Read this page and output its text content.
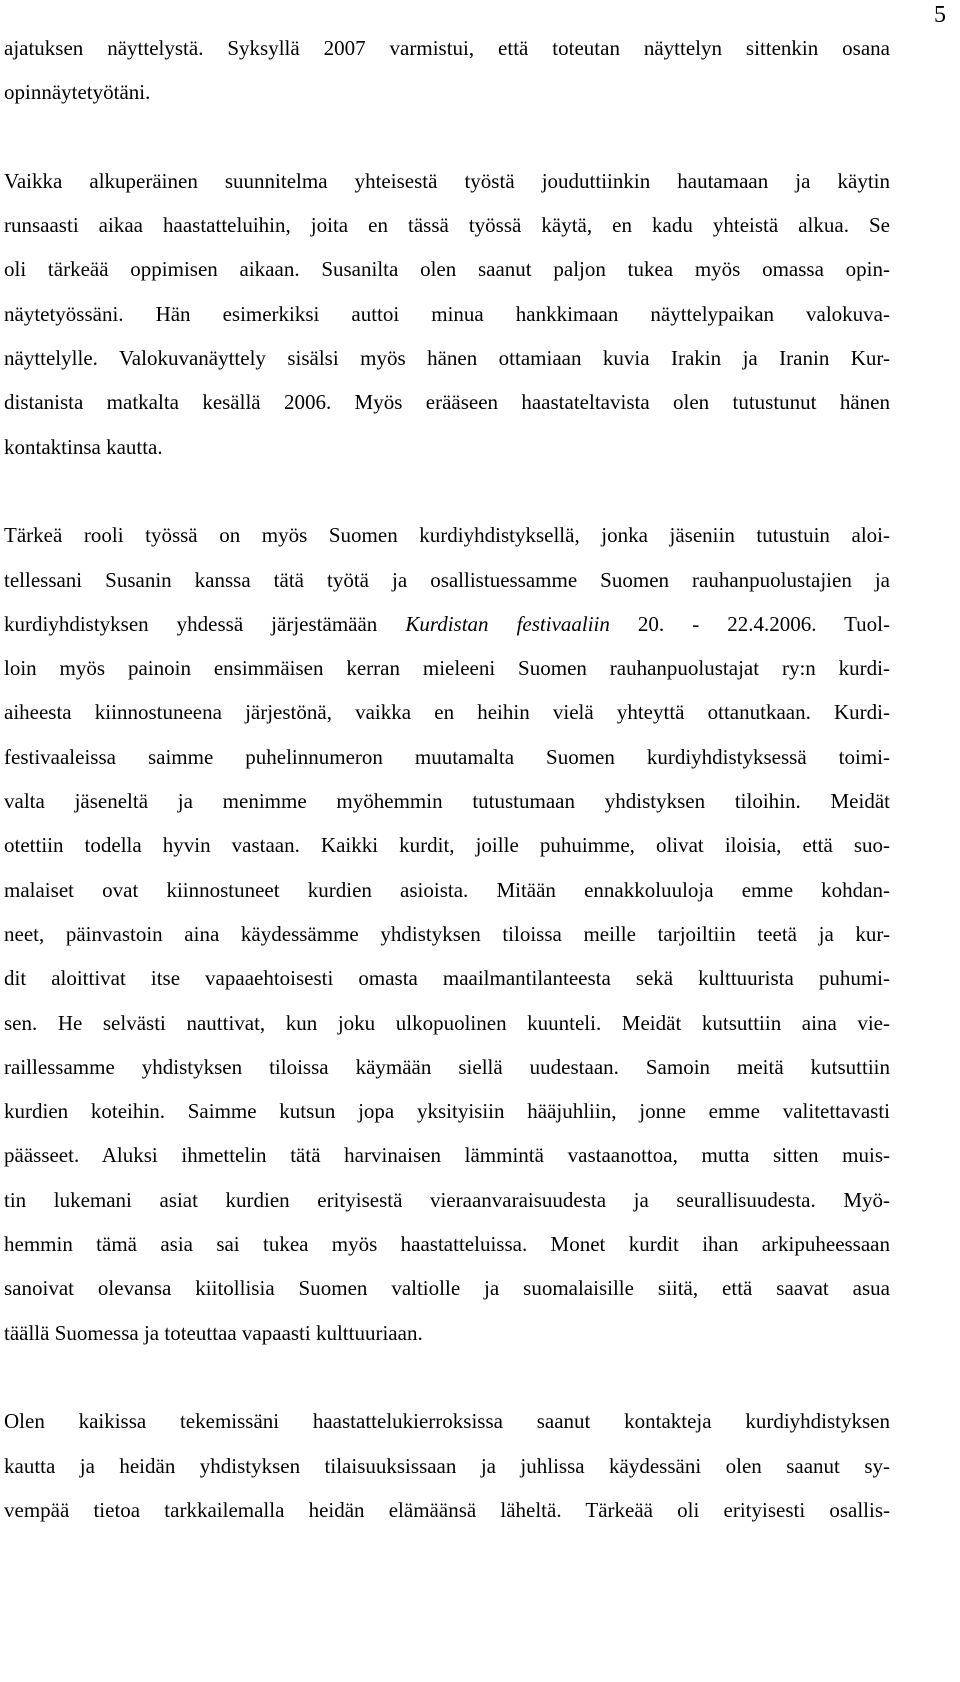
5
ajatuksen näyttelystä. Syksyllä 2007 varmistui, että toteutan näyttelyn sittenkin osana
opinnäytetyötäni.
Vaikka alkuperäinen suunnitelma yhteisestä työstä jouduttiinkin hautamaan ja käytin
runsaasti aikaa haastatteluihin, joita en tässä työssä käytä, en kadu yhteistä alkua. Se
oli tärkeää oppimisen aikaan. Susanilta olen saanut paljon tukea myös omassa opin-
näytetyössäni. Hän esimerkiksi auttoi minua hankkimaan näyttelypaikan valokuva-
näyttelylle. Valokuvanäyttely sisälsi myös hänen ottamiaan kuvia Irakin ja Iranin Kur-
distanista matkalta kesällä 2006. Myös erääseen haastateltavista olen tutustunut hänen
kontaktinsa kautta.
Tärkeä rooli työssä on myös Suomen kurdiyhdistyksellä, jonka jäseniin tutustuin aloi-
tellessani Susanin kanssa tätä työtä ja osallistuessamme Suomen rauhanpuolustajien ja
kurdiyhdistyksen yhdessä järjestämään Kurdistan festivaaliin 20. - 22.4.2006. Tuol-
loin myös painoin ensimmäisen kerran mieleeni Suomen rauhanpuolustajat ry:n kurdi-
aiheesta kiinnostuneena järjestönä, vaikka en heihin vielä yhteyttä ottanutkaan. Kurdi-
festivaaleissa saimme puhelinnumeron muutamalta Suomen kurdiyhdistyksessä toimi-
valta jäseneltä ja menimme myöhemmin tutustumaan yhdistyksen tiloihin. Meidät
otettiin todella hyvin vastaan. Kaikki kurdit, joille puhuimme, olivat iloisia, että suo-
malaiset ovat kiinnostuneet kurdien asioista. Mitään ennakkoluuloja emme kohdan-
neet, päinvastoin aina käydessämme yhdistyksen tiloissa meille tarjoiltiin teetä ja kur-
dit aloittivat itse vapaaehtoisesti omasta maailmantilanteesta sekä kulttuurista puhumi-
sen. He selvästi nauttivat, kun joku ulkopuolinen kuunteli. Meidät kutsuttiin aina vie-
raillessamme yhdistyksen tiloissa käymään siellä uudestaan. Samoin meitä kutsuttiin
kurdien koteihin. Saimme kutsun jopa yksityisiin hääjuhliin, jonne emme valitettavasti
päässeet. Aluksi ihmettelin tätä harvinaisen lämmintä vastaanottoa, mutta sitten muis-
tin lukemani asiat kurdien erityisestä vieraanvaraisuudesta ja seurallisuudesta. Myö-
hemmin tämä asia sai tukea myös haastatteluissa. Monet kurdit ihan arkipuheessaan
sanoivat olevansa kiitollisia Suomen valtiolle ja suomalaisille siitä, että saavat asua
täällä Suomessa ja toteuttaa vapaasti kulttuuriaan.
Olen kaikissa tekemissäni haastattelukierroksissa saanut kontakteja kurdiyhdistyksen
kautta ja heidän yhdistyksen tilaisuuksissaan ja juhlissa käydessäni olen saanut sy-
vempää tietoa tarkkailemalla heidän elämäänsä läheltä. Tärkeää oli erityisesti osallis-
